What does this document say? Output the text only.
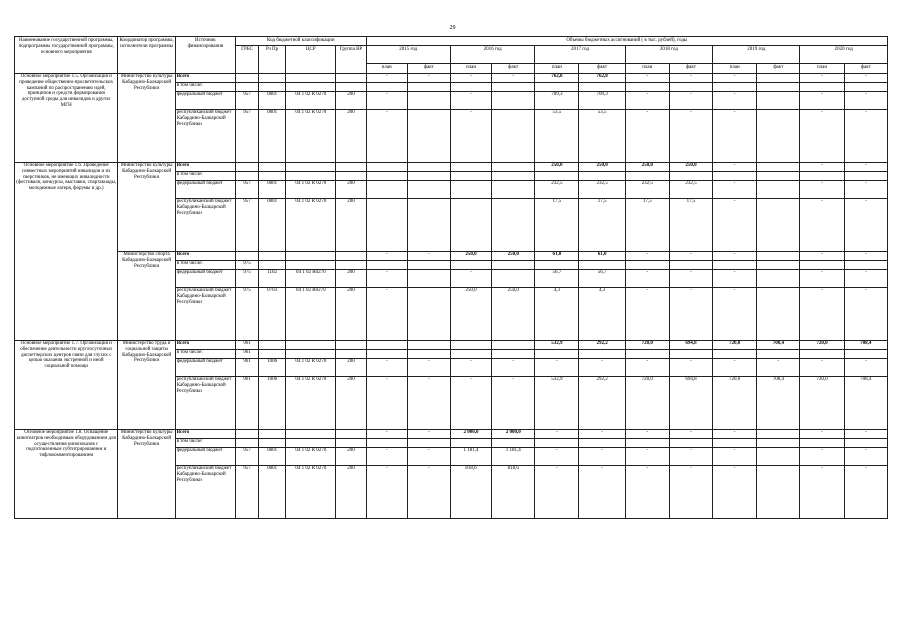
29
Наименование государственной программы, подпрограммы государственной программы, основного мероприятия	Координатор программы, исполнители программы	Источник финансирования	Код бюджетной классификации				Объемы бюджетных ассигнований ( в тыс. рублей), годы											
			ГРБС	Рз Пр	ЦСР	Группа ВР	2015 год		2016 год		2017 год		2018 год		2019 год		2020 год	
							план	факт	план	факт	план	факт	план	факт	план	факт	план	факт
Основное мероприятие 1.5. Организация и проведение общественно-просветительских кампаний по распространению идей, принципов и средств формирования доступной среды для инвалидов и других МГН	Министерство культуры Кабардино-Балкарской Республики	Всего					-	-	-	-	762,8	762,8	-	-	-		-	-
		в том числе:																
		федеральный бюджет	957	0801	04 1 02 R 0270	200	-		-		709,3	709,3	-	-	-		-	-
		республиканский бюджет Кабардино-Балкарской Республики	957	0801	04 1 02 R 0270	200	-		-		53,5	53,5	-	-	-		-	-
Основное мероприятие 1.6. Проведение совместных мероприятий инвалидов и их сверстников, не имеющих инвалидности (фестиваля, конкурсы, выставки, спартакиады, молодежные лагеря, форумы и др.)	Министерство культуры Кабардино-Балкарской Республики	Всего									250,0	250,0	250,0	250,0	-		-	-
		в том числе:																
		федеральный бюджет	957	0801	04 1 02 R 0270	200					232,5	232,5	232,5	232,5	-		-	-
		республиканский бюджет Кабардино-Балкарской Республики	957	0801	04 1 02 R 0270	200					17,5	17,5	17,5	17,5	-		-	-
	Министерство спорта Кабардино-Балкарской Республики	Всего					-	-	250,0	250,0	61,0	61,0	-	-	-		-	-
		в том числе:	975															
		федеральный бюджет	975	1102	04 1 02 R0270	200	-		-		56,7	56,7	-	-	-		-	-
		республиканский бюджет Кабардино-Балкарской Республики	975	0703	04 1 02 R0270	200	-		250,0	250,0	4,3	4,3	-	-	-		-	-
Основное мероприятие 1.7. Организация и обеспечение деятельности круглосуточных диспетчерских центров связи для глухих с целью оказания экстренной и иной социальной помощи	Министерство труда и социальной защиты Кабардино-Балкарской Республики	Всего	961								532,9	292,2	720,0	694,8	720,0	708,4	720,0	708,4
		в том числе:	961															
		федеральный бюджет	961	1006	04 1 02 R 0270	200	-	-	-	-	-	-	-	-	-	-	-	-
		республиканский бюджет Кабардино-Балкарской Республики	961	1006	04 1 02 R 0270	200	-	-	-	-	532,9	292,2	720,0	694,8	720,0	708,4	720,0	708,4
Основное мероприятие 1.8. Оснащение кинотеатров необходимым оборудованием для осуществления кинопоказов с подготовленным субтитрированием и тифлокомментированием	Министерство культуры Кабардино-Балкарской Республики	Всего					-	-	2 000,0	2 000,0	-	-	-	-	-		-	-
		в том числе:																
		федеральный бюджет	957	0801	04 1 02 R 0270	200	-	-	1 181,4	1 181,4	-	-	-	-	-		-	-
		республиканский бюджет Кабардино-Балкарской Республики	957	0801	04 1 02 R 0270	200	-	-	818,6	818,6	-	-	-	-	-		-	-
